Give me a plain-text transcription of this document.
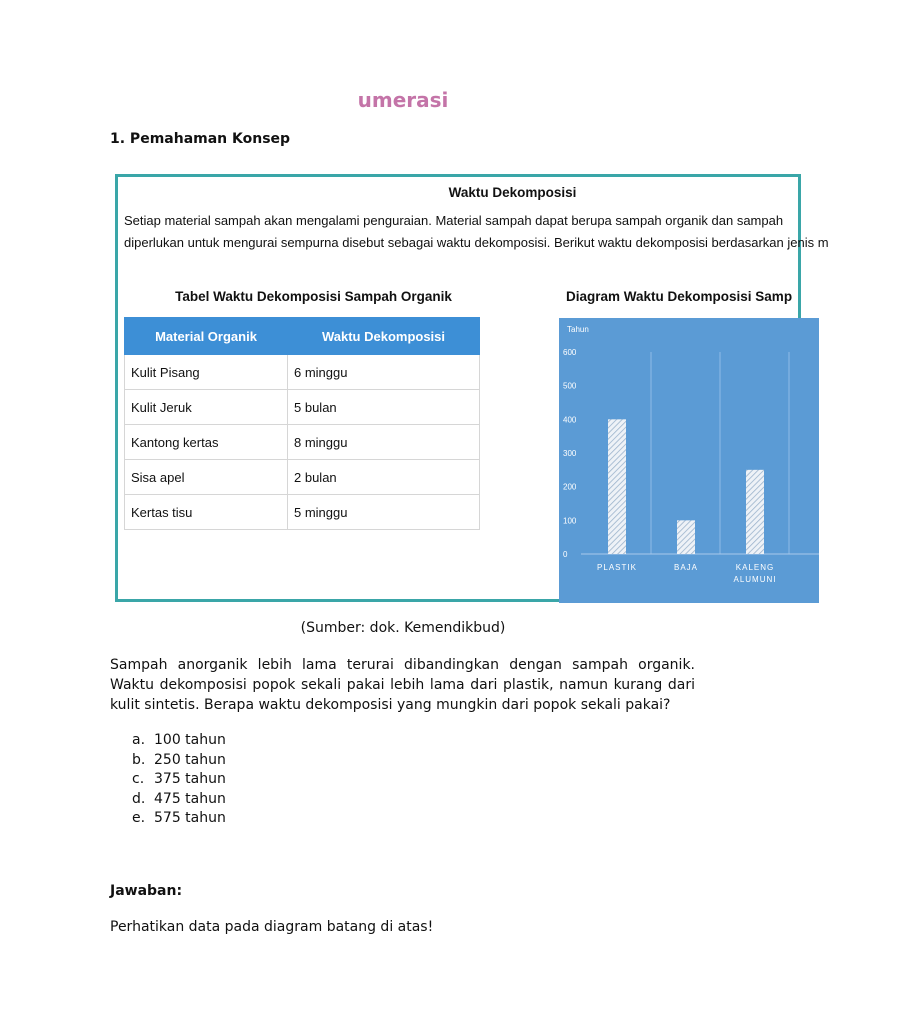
umerasi
1. Pemahaman Konsep
Waktu Dekomposisi
Setiap material sampah akan mengalami penguraian. Material sampah dapat berupa sampah organik dan sampah
diperlukan untuk mengurai sempurna disebut sebagai waktu dekomposisi. Berikut waktu dekomposisi berdasarkan jenis m
Tabel Waktu Dekomposisi Sampah Organik
Material Organik	Waktu Dekomposisi
Kulit Pisang	6 minggu
Kulit Jeruk	5 bulan
Kantong kertas	8 minggu
Sisa apel	2 bulan
Kertas tisu	5 minggu
Diagram Waktu Dekomposisi Samp
Tahun
0
100
200
300
400
500
600
PLASTIK	BAJA	KALENG
ALUMUNI
(Sumber: dok. Kemendikbud)
Sampah anorganik lebih lama terurai dibandingkan dengan sampah organik. Waktu dekomposisi popok sekali pakai lebih lama dari plastik, namun kurang dari kulit sintetis. Berapa waktu dekomposisi yang mungkin dari popok sekali pakai?
a. 100 tahun
b. 250 tahun
c. 375 tahun
d. 475 tahun
e. 575 tahun
Jawaban:
Perhatikan data pada diagram batang di atas!
